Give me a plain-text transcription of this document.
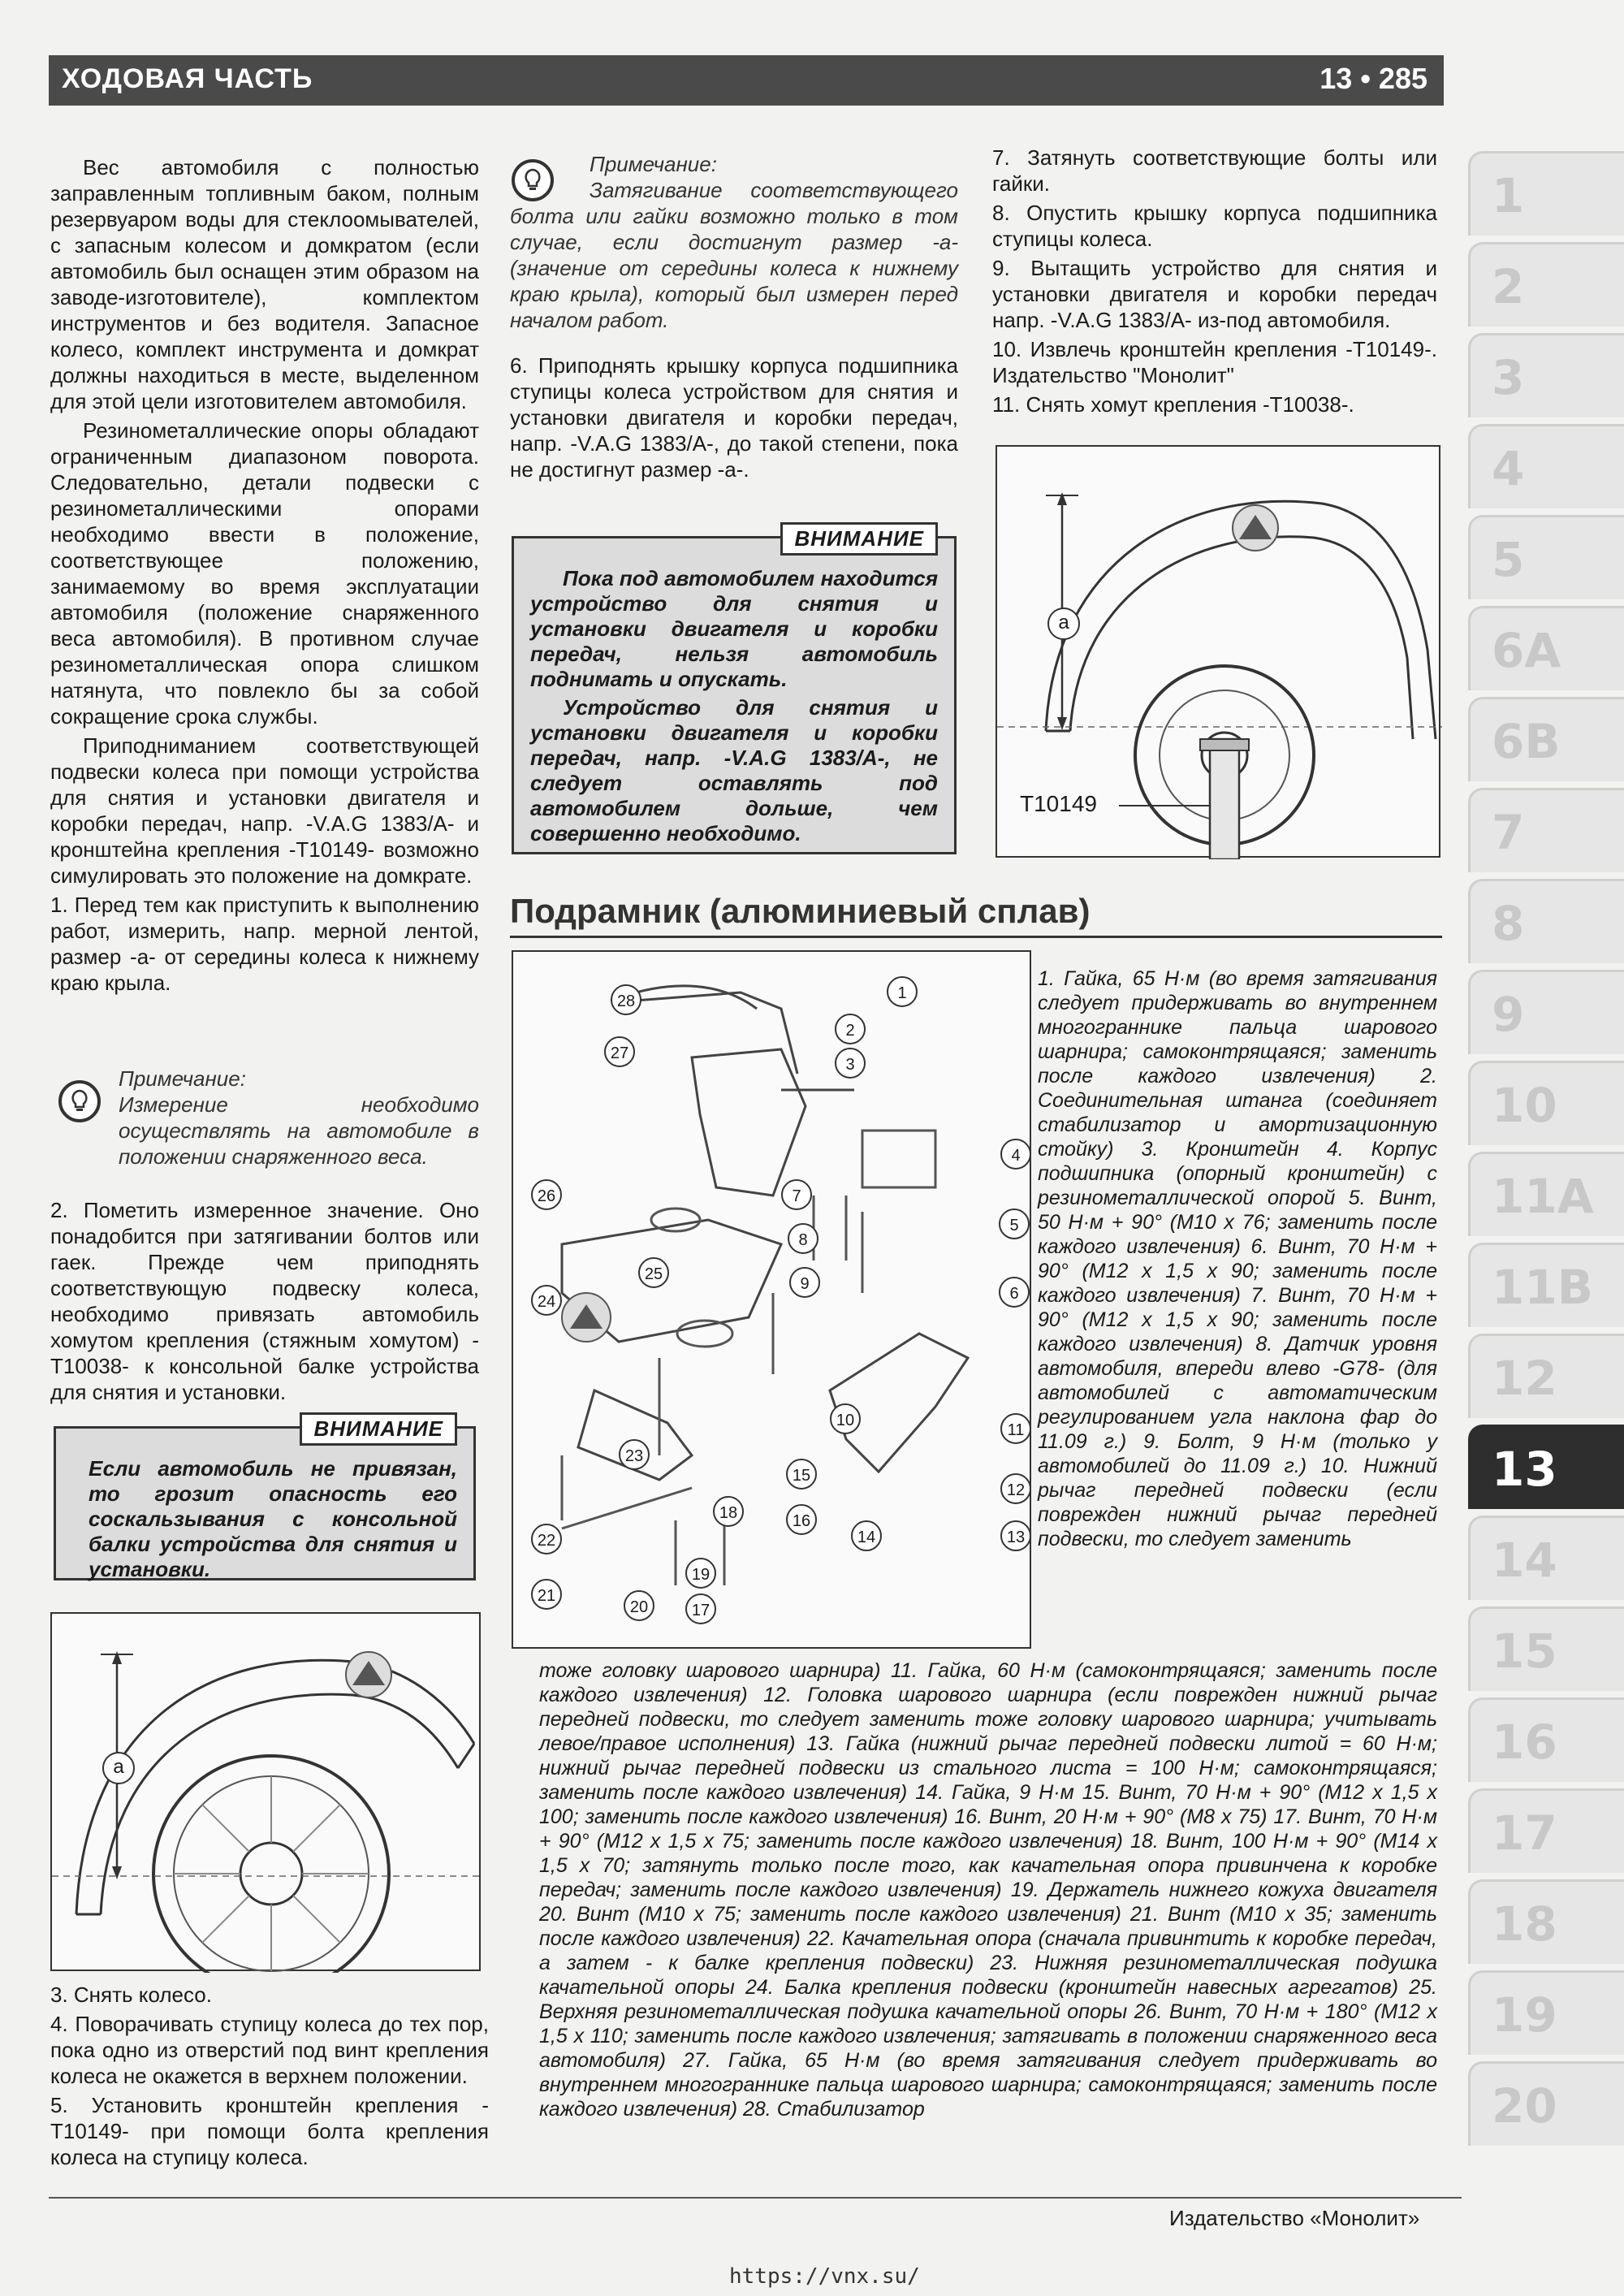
ХОДОВАЯ ЧАСТЬ	13 • 285

Вес автомобиля с полностью заправленным топливным баком, полным резервуаром воды для стеклоомывателей, с запасным колесом и домкратом (если автомобиль был оснащен этим образом на заводе-изготовителе), комплектом инструментов и без водителя. Запасное колесо, комплект инструмента и домкрат должны находиться в месте, выделенном для этой цели изготовителем автомобиля.

Резинометаллические опоры обладают ограниченным диапазоном поворота. Следовательно, детали подвески с резинометаллическими опорами необходимо ввести в положение, соответствующее положению, занимаемому во время эксплуатации автомобиля (положение снаряженного веса автомобиля). В противном случае резинометаллическая опора слишком натянута, что повлекло бы за собой сокращение срока службы.

Приподниманием соответствующей подвески колеса при помощи устройства для снятия и установки двигателя и коробки передач, напр. -V.A.G 1383/A- и кронштейна крепления -T10149- возможно симулировать это положение на домкрате.

1. Перед тем как приступить к выполнению работ, измерить, напр. мерной лентой, размер -a- от середины колеса к нижнему краю крыла.

Примечание:
Измерение необходимо осуществлять на автомобиле в положении снаряженного веса.

2. Пометить измеренное значение. Оно понадобится при затягивании болтов или гаек. Прежде чем приподнять соответствующую подвеску колеса, необходимо привязать автомобиль хомутом крепления (стяжным хомутом) -T10038- к консольной балке устройства для снятия и установки.

ВНИМАНИЕ
Если автомобиль не привязан, то грозит опасность его соскальзывания с консольной балки устройства для снятия и установки.
a

3. Снять колесо.

4. Поворачивать ступицу колеса до тех пор, пока одно из отверстий под винт крепления колеса не окажется в верхнем положении.

5. Установить кронштейн крепления -T10149- при помощи болта крепления колеса на ступицу колеса.

Примечание:
Затягивание соответствующего болта или гайки возможно только в том случае, если достигнут размер -a- (значение от середины колеса к нижнему краю крыла), который был измерен перед началом работ.

6. Приподнять крышку корпуса подшипника ступицы колеса устройством для снятия и установки двигателя и коробки передач, напр. -V.A.G 1383/A-, до такой степени, пока не достигнут размер -a-.

ВНИМАНИЕ

Пока под автомобилем находится устройство для снятия и установки двигателя и коробки передач, нельзя автомобиль поднимать и опускать.

Устройство для снятия и установки двигателя и коробки передач, напр. -V.A.G 1383/A-, не следует оставлять под автомобилем дольше, чем совершенно необходимо.

7. Затянуть соответствующие болты или гайки.

8. Опустить крышку корпуса подшипника ступицы колеса.

9. Вытащить устройство для снятия и установки двигателя и коробки передач напр. -V.A.G 1383/A- из-под автомобиля.

10. Извлечь кронштейн крепления -T10149-. Издательство "Монолит"

11. Снять хомут крепления -T10038-.

a
T10149
Подрамник (алюминиевый сплав)
1
2
3
4
5
6
7
8
9
10
11
12
13
14
15
16
17
18
19
20
21
22
23
24
25
26
27
28
1. Гайка, 65 Н·м (во время затягивания следует придерживать во внутреннем многограннике пальца шарового шарнира; самоконтрящаяся; заменить после каждого извлечения) 2. Соединительная штанга (соединяет стабилизатор и амортизационную стойку) 3. Кронштейн 4. Корпус подшипника (опорный кронштейн) с резинометаллической опорой 5. Винт, 50 Н·м + 90° (M10 x 76; заменить после каждого извлечения) 6. Винт, 70 Н·м + 90° (M12 x 1,5 x 90; заменить после каждого извлечения) 7. Винт, 70 Н·м + 90° (M12 x 1,5 x 90; заменить после каждого извлечения) 8. Датчик уровня автомобиля, впереди влево -G78- (для автомобилей с автоматическим регулированием угла наклона фар до 11.09 г.) 9. Болт, 9 Н·м (только у автомобилей до 11.09 г.) 10. Нижний рычаг передней подвески (если поврежден нижний рычаг передней подвески, то следует заменить
тоже головку шарового шарнира) 11. Гайка, 60 Н·м (самоконтрящаяся; заменить после каждого извлечения) 12. Головка шарового шарнира (если поврежден нижний рычаг передней подвески, то следует заменить тоже головку шарового шарнира; учитывать левое/правое исполнения) 13. Гайка (нижний рычаг передней подвески литой = 60 Н·м; нижний рычаг передней подвески из стального листа = 100 Н·м; самоконтрящаяся; заменить после каждого извлечения) 14. Гайка, 9 Н·м 15. Винт, 70 Н·м + 90° (M12 x 1,5 x 100; заменить после каждого извлечения) 16. Винт, 20 Н·м + 90° (M8 x 75) 17. Винт, 70 Н·м + 90° (M12 x 1,5 x 75; заменить после каждого извлечения) 18. Винт, 100 Н·м + 90° (M14 x 1,5 x 70; затянуть только после того, как качательная опора привинчена к коробке передач; заменить после каждого извлечения) 19. Держатель нижнего кожуха двигателя 20. Винт (M10 x 75; заменить после каждого извлечения) 21. Винт (M10 x 35; заменить после каждого извлечения) 22. Качательная опора (сначала привинтить к коробке передач, а затем - к балке крепления подвески) 23. Нижняя резинометаллическая подушка качательной опоры 24. Балка крепления подвески (кронштейн навесных агрегатов) 25. Верхняя резинометаллическая подушка качательной опоры 26. Винт, 70 Н·м + 180° (M12 x 1,5 x 110; заменить после каждого извлечения; затягивать в положении снаряженного веса автомобиля) 27. Гайка, 65 Н·м (во время затягивания следует придерживать во внутреннем многограннике пальца шарового шарнира; самоконтрящаяся; заменить после каждого извлечения) 28. Стабилизатор
1
2
3
4
5
6A
6B
7
8
9
10
11A
11B
12
13
14
15
16
17
18
19
20
Издательство «Монолит»
https://vnx.su/
